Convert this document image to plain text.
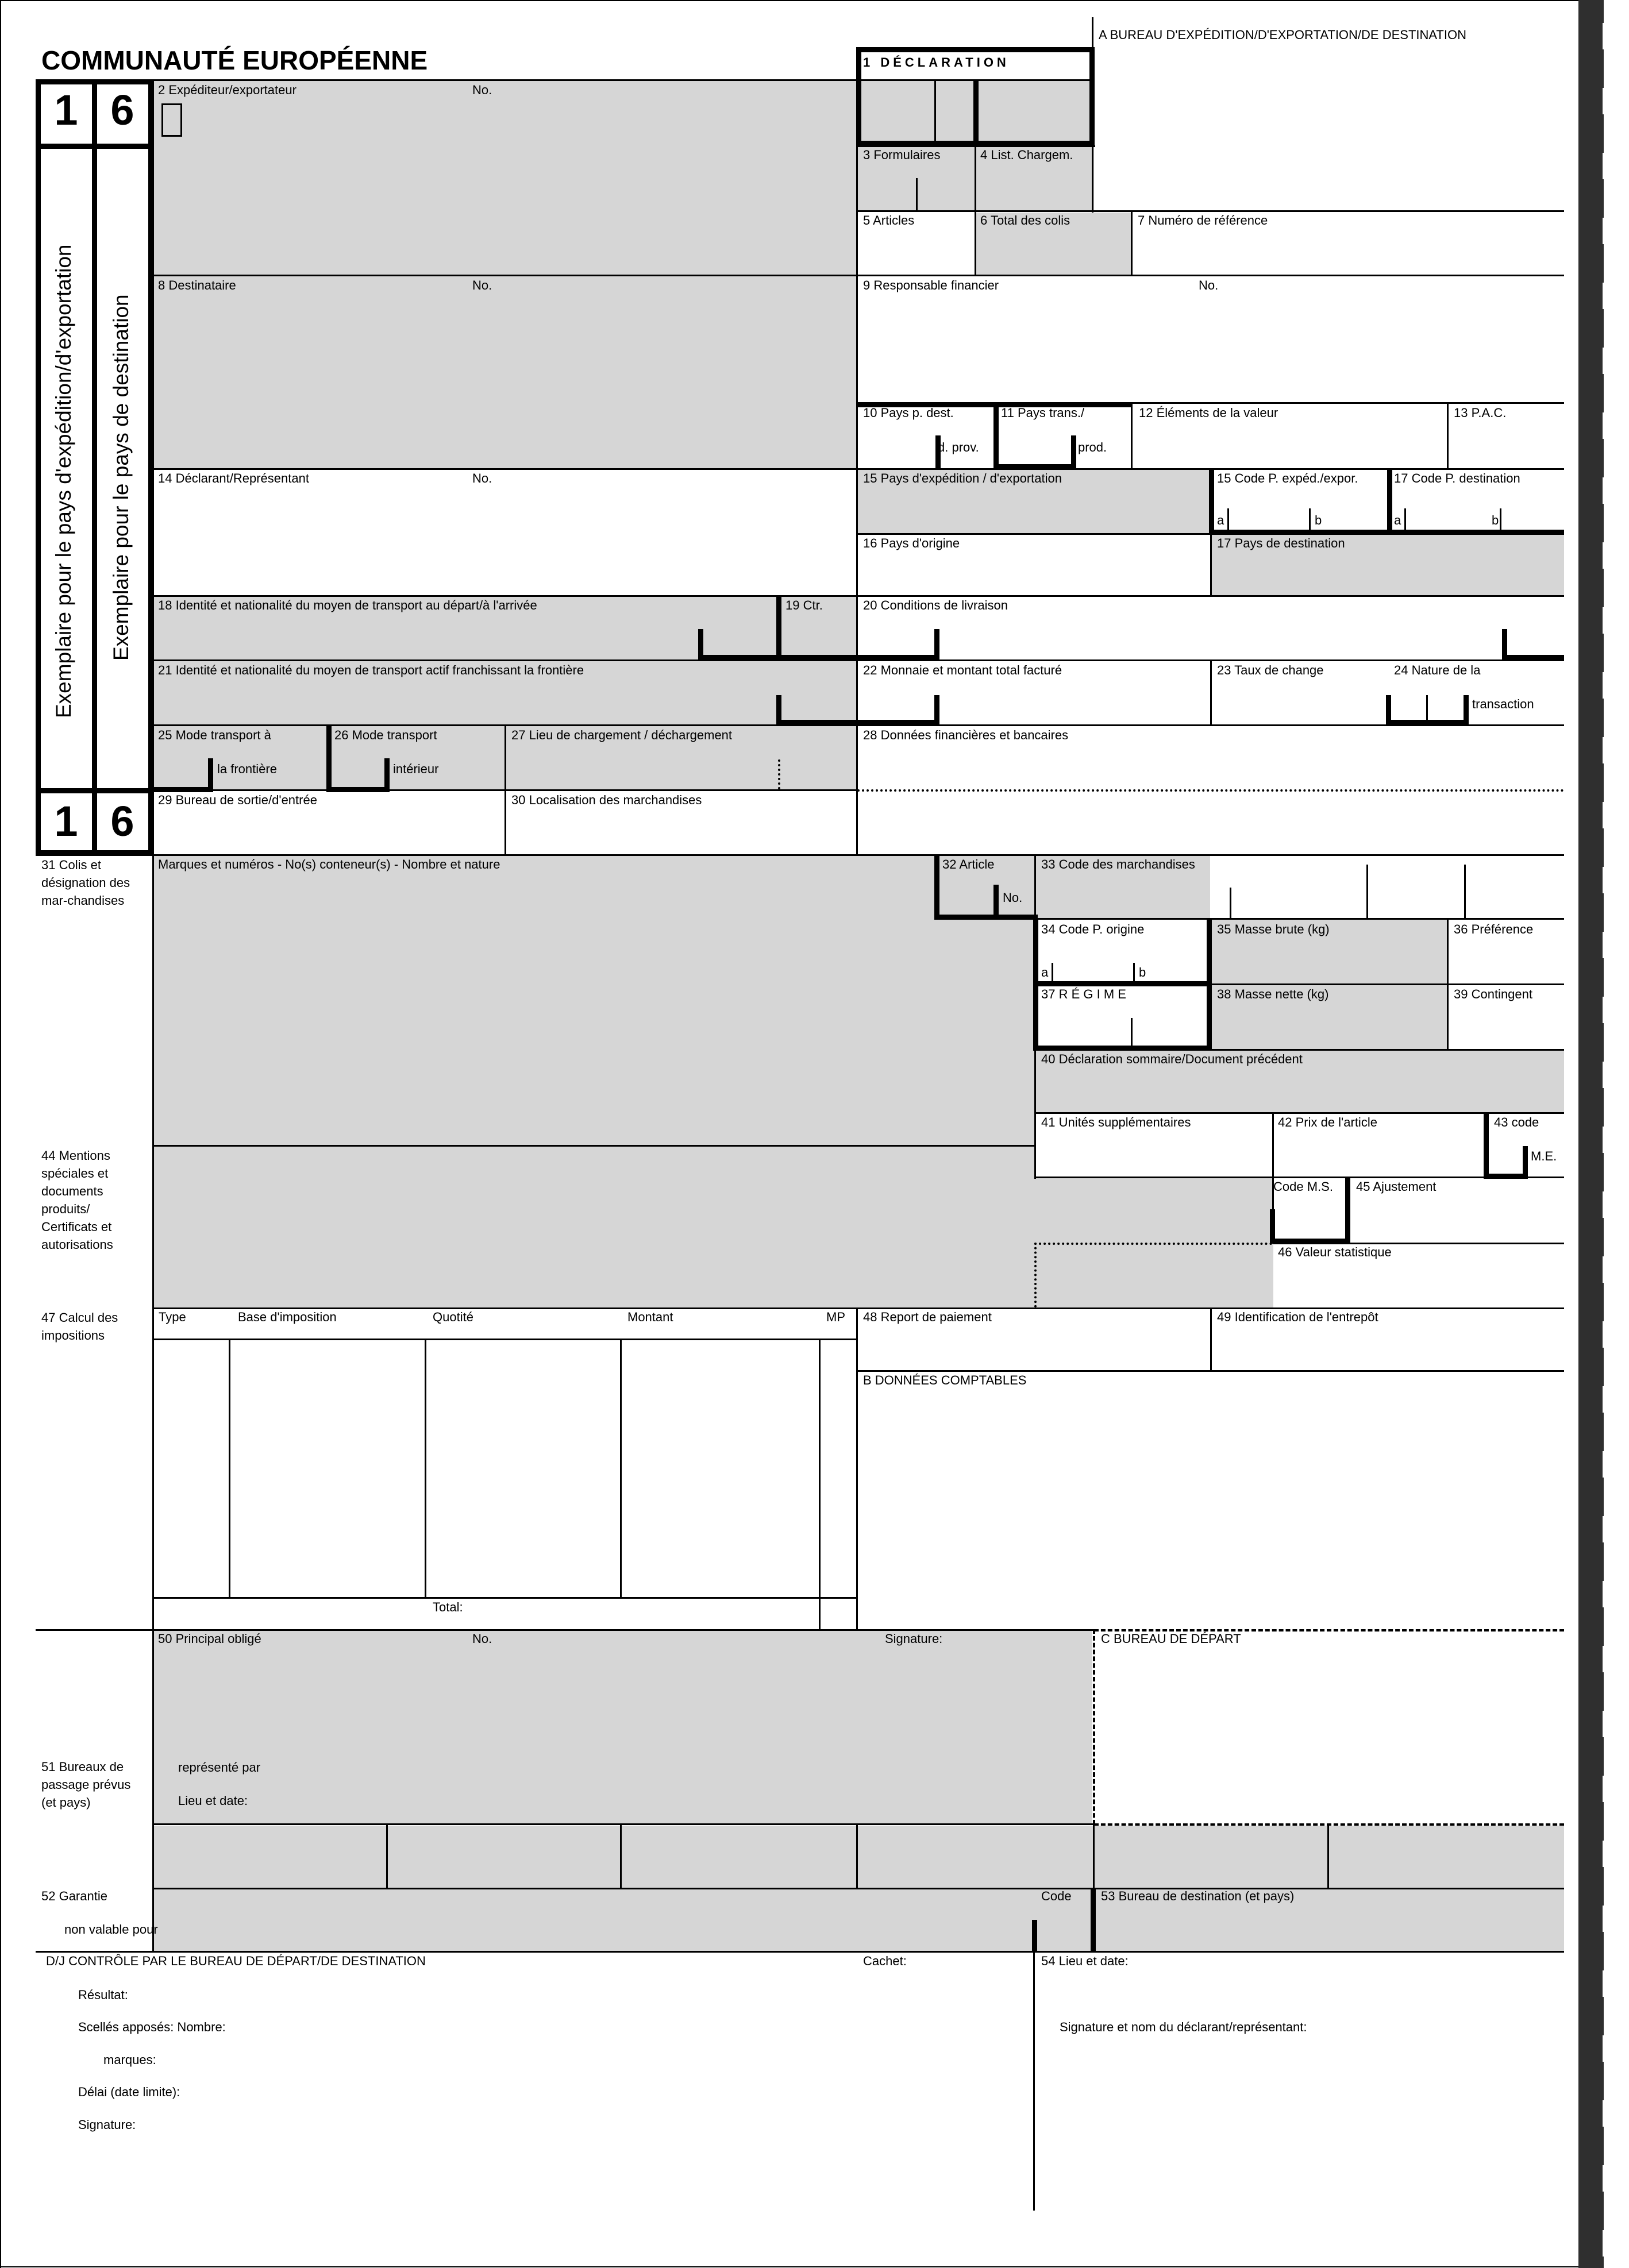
COMMUNAUTÉ EUROPÉENNE
A BUREAU D'EXPÉDITION/D'EXPORTATION/DE DESTINATION
1 DÉCLARATION
1 6
1 6
Exemplaire pour le pays d'expédition/d'exportation Exemplaire pour le pays de destination
2 Expéditeur/exportateur	No.
3 Formulaires	4 List. Chargem.
5 Articles	6 Total des colis	7 Numéro de référence
8 Destinataire	No.	9 Responsable financier	No.
10 Pays p. dest.
d. prov.
11 Pays trans./
prod.
12 Éléments de la valeur	13 P.A.C.
14 Déclarant/Représentant	No.	15 Pays d'expédition / d'exportation	15 Code P. expéd./expor.	17 Code P. destination
a	b	a	b
16 Pays d'origine	17 Pays de destination
18 Identité et nationalité du moyen de transport au départ/à l'arrivée	19 Ctr.	20 Conditions de livraison
21 Identité et nationalité du moyen de transport actif franchissant la frontière	22 Monnaie et montant total facturé	23 Taux de change	24 Nature de la
transaction
25 Mode transport à
la frontière
26 Mode transport
intérieur
27 Lieu de chargement / déchargement	28 Données financières et bancaires
29 Bureau de sortie/d'entrée	30 Localisation des marchandises
31 Colis et désignation des mar-chandises
Marques et numéros - No(s) conteneur(s) - Nombre et nature	32 Article
No.
33 Code des marchandises
34 Code P. origine
a	b
35 Masse brute (kg)	36 Préférence
37 R É G I M E	38 Masse nette (kg)	39 Contingent
40 Déclaration sommaire/Document précédent
41 Unités supplémentaires	42 Prix de l'article	43 code
M.E.
44 Mentions spéciales et documents produits/ Certificats et autorisations
Code M.S. 45 Ajustement
46 Valeur statistique
47 Calcul des impositions
Type	Base d'imposition	Quotité	Montant	MP
Total:
48 Report de paiement	49 Identification de l'entrepôt
B DONNÉES COMPTABLES
50 Principal obligé	No.	Signature:	C BUREAU DE DÉPART
51 Bureaux de passage prévus (et pays)
représenté par
Lieu et date:
52 Garantie
non valable pour
Code 53 Bureau de destination (et pays)
D/J CONTRÔLE PAR LE BUREAU DE DÉPART/DE DESTINATION	Cachet:	54 Lieu et date:
Résultat:
Scellés apposés: Nombre:
marques:
Délai (date limite):
Signature:
Signature et nom du déclarant/représentant:
